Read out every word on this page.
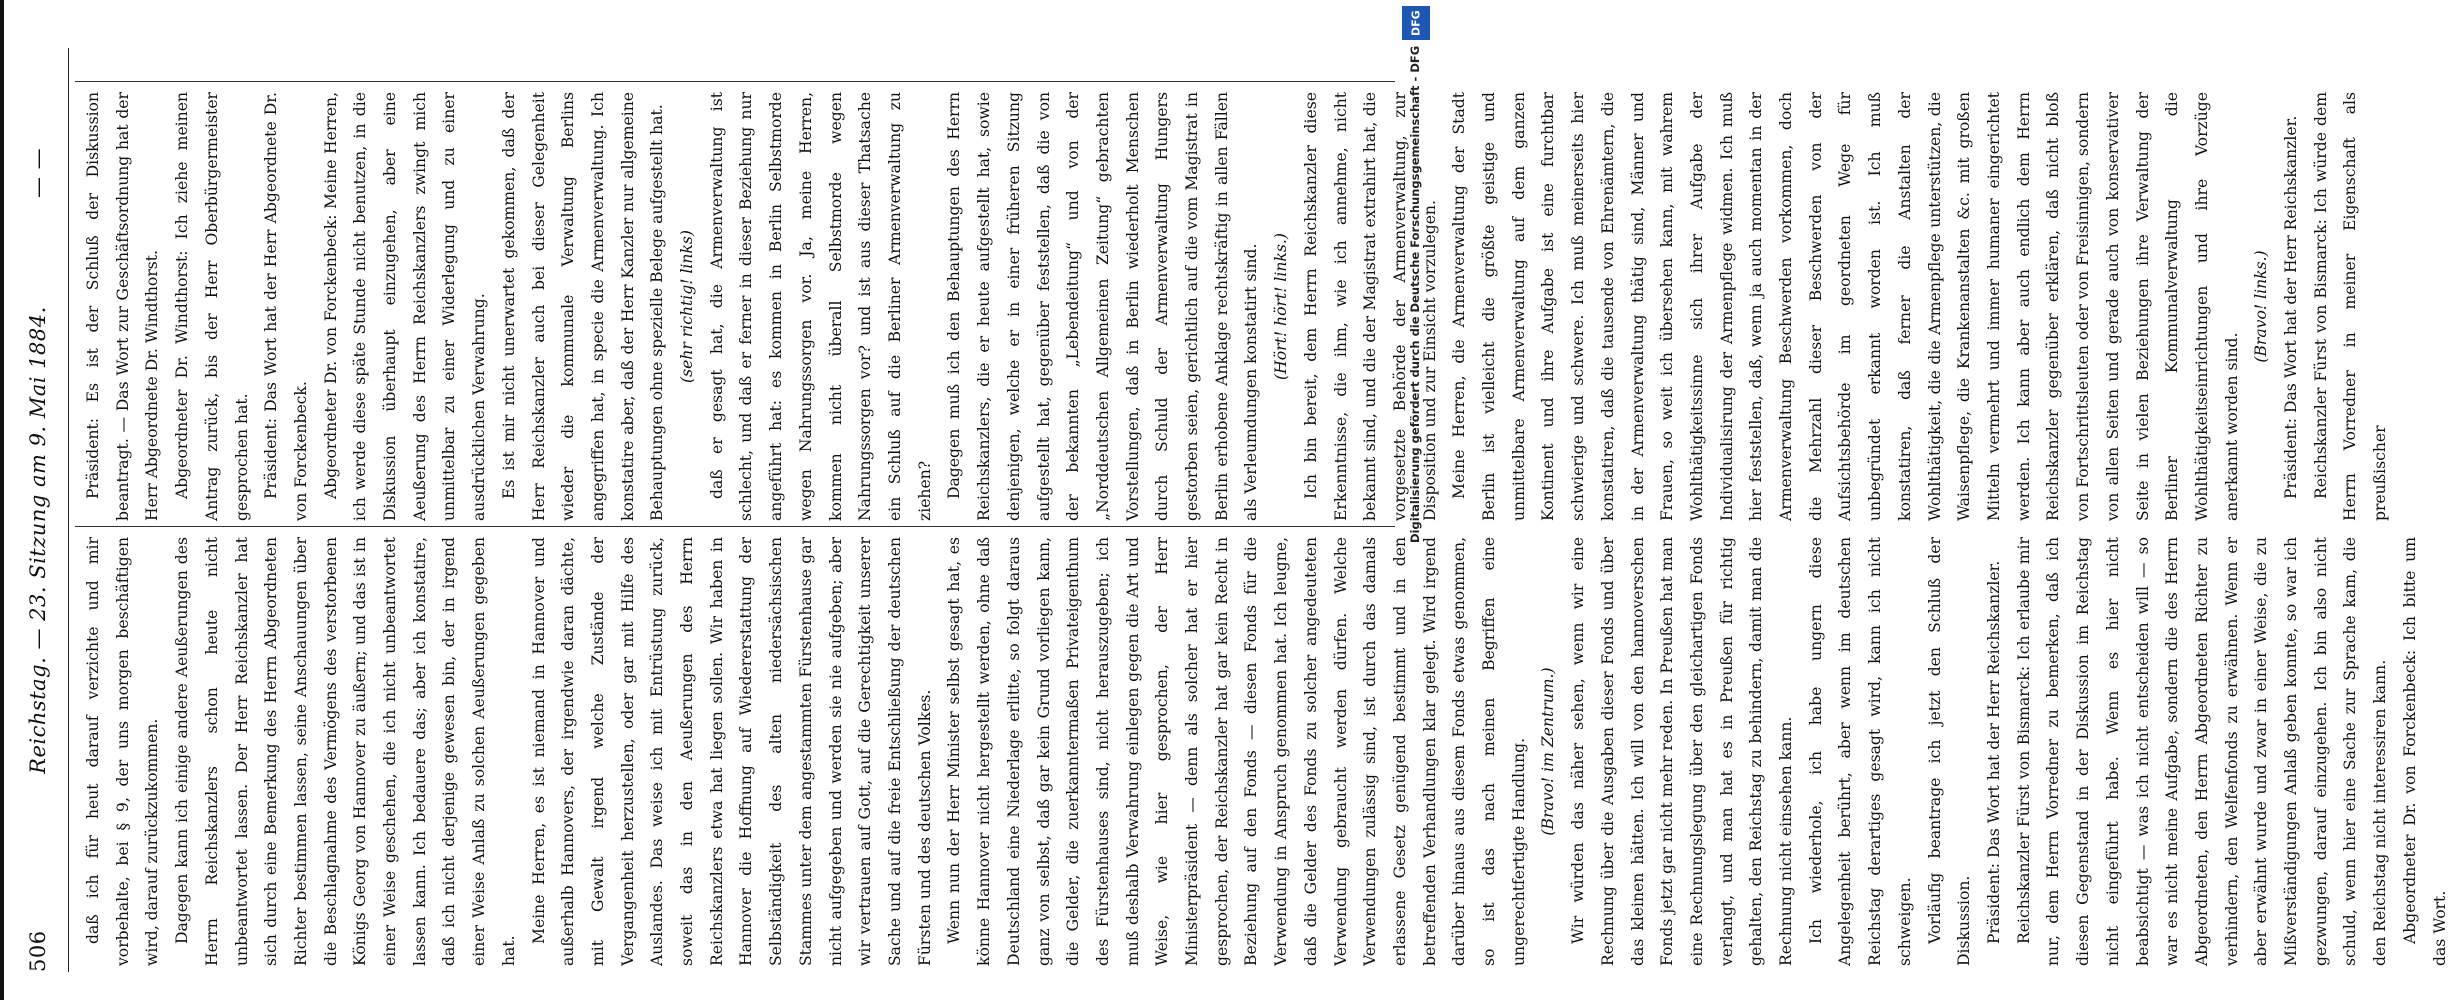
506
Reichstag. — 23. Sitzung am 9. Mai 1884.
— —

daß ich für heut darauf verzichte und mir vorbehalte, bei § 9, der uns morgen beschäftigen wird, darauf zurückzukommen. Dagegen kann ich einige andere Aeußerungen des Herrn Reichskanzlers schon heute nicht unbeantwortet lassen. Der Herr Reichskanzler hat sich durch eine Bemerkung des Herrn Abgeordneten Richter bestimmen lassen, seine Anschauungen über die Beschlagnahme des Vermögens des verstorbenen Königs Georg von Hannover zu äußern; und das ist in einer Weise geschehen, die ich nicht unbeantwortet lassen kann. Ich bedauere das; aber ich konstatire, daß ich nicht derjenige gewesen bin, der in irgend einer Weise Anlaß zu solchen Aeußerungen gegeben hat.

Meine Herren, es ist niemand in Hannover und außerhalb Hannovers, der irgendwie daran dächte, mit Gewalt irgend welche Zustände der Vergangenheit herzustellen, oder gar mit Hilfe des Auslandes. Das weise ich mit Entrüstung zurück, soweit das in den Aeußerungen des Herrn Reichskanzlers etwa hat liegen sollen. Wir haben in Hannover die Hoffnung auf Wiedererstattung der Selbständigkeit des alten niedersächsischen Stammes unter dem angestammten Fürstenhause gar nicht aufgegeben und werden sie nie aufgeben; aber wir vertrauen auf Gott, auf die Gerechtigkeit unserer Sache und auf die freie Entschließung der deutschen Fürsten und des deutschen Volkes. Wenn nun der Herr Minister selbst gesagt hat, es könne Hannover nicht hergestellt werden, ohne daß Deutschland eine Niederlage erlitte, so folgt daraus ganz von selbst, daß gar kein Grund vorliegen kann, die Gelder, die zuerkanntermaßen Privateigenthum des Fürstenhauses sind, nicht herauszugeben; ich muß deshalb Verwahrung einlegen gegen die Art und Weise, wie hier gesprochen, der Herr Ministerpräsident — denn als solcher hat er hier gesprochen, der Reichskanzler hat gar kein Recht in Beziehung auf den Fonds — diesen Fonds für die Verwendung in Anspruch genommen hat. Ich leugne, daß die Gelder des Fonds zu solcher angedeuteten Verwendung gebraucht werden dürfen. Welche Verwendungen zulässig sind, ist durch das damals erlassene Gesetz genügend bestimmt und in den betreffenden Verhandlungen klar gelegt. Wird irgend darüber hinaus aus diesem Fonds etwas genommen, so ist das nach meinen Begriffen eine ungerechtfertigte Handlung. (Bravo! im Zentrum.) Wir würden das näher sehen, wenn wir eine Rechnung über die Ausgaben dieser Fonds und über das kleinen hätten. Ich will von den hannoverschen Fonds jetzt gar nicht mehr reden. In Preußen hat man eine Rechnungslegung über den gleichartigen Fonds verlangt, und man hat es in Preußen für richtig gehalten, den Reichstag zu behindern, damit man die Rechnung nicht einsehen kann. Ich wiederhole, ich habe ungern diese Angelegenheit berührt, aber wenn im deutschen Reichstag derartiges gesagt wird, kann ich nicht schweigen. Vorläufig beantrage ich jetzt den Schluß der Diskussion. Präsident: Das Wort hat der Herr Reichskanzler. Reichskanzler Fürst von Bismarck: Ich erlaube mir nur, dem Herrn Vorredner zu bemerken, daß ich diesen Gegenstand in der Diskussion im Reichstag nicht eingeführt habe. Wenn es hier nicht beabsichtigt — was ich nicht entscheiden will — so war es nicht meine Aufgabe, sondern die des Herrn Abgeordneten, den Herrn Abgeordneten Richter zu verhindern, den Welfenfonds zu erwähnen. Wenn er aber erwähnt wurde und zwar in einer Weise, die zu Mißverständigungen Anlaß geben konnte, so war ich gezwungen, darauf einzugehen. Ich bin also nicht schuld, wenn hier eine Sache zur Sprache kam, die den Reichstag nicht interessiren kann. Abgeordneter Dr. von Forckenbeck: Ich bitte um das Wort.

Präsident: Es ist der Schluß der Diskussion beantragt. — Das Wort zur Geschäftsordnung hat der Herr Abgeordnete Dr. Windthorst. Abgeordneter Dr. Windthorst: Ich ziehe meinen Antrag zurück, bis der Herr Oberbürgermeister gesprochen hat. Präsident: Das Wort hat der Herr Abgeordnete Dr. von Forckenbeck. Abgeordneter Dr. von Forckenbeck: Meine Herren, ich werde diese späte Stunde nicht benutzen, in die Diskussion überhaupt einzugehen, aber eine Aeußerung des Herrn Reichskanzlers zwingt mich unmittelbar zu einer Widerlegung und zu einer ausdrücklichen Verwahrung. Es ist mir nicht unerwartet gekommen, daß der Herr Reichskanzler auch bei dieser Gelegenheit wieder die kommunale Verwaltung Berlins angegriffen hat, in specie die Armenverwaltung. Ich konstatire aber, daß der Herr Kanzler nur allgemeine Behauptungen ohne spezielle Belege aufgestellt hat. (sehr richtig! links) daß er gesagt hat, die Armenverwaltung ist schlecht, und daß er ferner in dieser Beziehung nur angeführt hat: es kommen in Berlin Selbstmorde wegen Nahrungssorgen vor. Ja, meine Herren, kommen nicht überall Selbstmorde wegen Nahrungssorgen vor? und ist aus dieser Thatsache ein Schluß auf die Berliner Armenverwaltung zu ziehen? Dagegen muß ich den Behauptungen des Herrn Reichskanzlers, die er heute aufgestellt hat, sowie denjenigen, welche er in einer früheren Sitzung aufgestellt hat, gegenüber feststellen, daß die von der bekannten „Lebendeitung“ und von der „Norddeutschen Allgemeinen Zeitung“ gebrachten Vorstellungen, daß in Berlin wiederholt Menschen durch Schuld der Armenverwaltung Hungers gestorben seien, gerichtlich auf die vom Magistrat in Berlin erhobene Anklage rechtskräftig in allen Fällen als Verleumdungen konstatirt sind. (Hört! hört! links.) Ich bin bereit, dem Herrn Reichskanzler diese Erkenntnisse, die ihm, wie ich annehme, nicht bekannt sind, und die der Magistrat extrahirt hat, die vorgesetzte Behörde der Armenverwaltung, zur Disposition und zur Einsicht vorzulegen. Meine Herren, die Armenverwaltung der Stadt Berlin ist vielleicht die größte geistige und unmittelbare Armenverwaltung auf dem ganzen Kontinent und ihre Aufgabe ist eine furchtbar schwierige und schwere. Ich muß meinerseits hier konstatiren, daß die tausende von Ehrenämtern, die in der Armenverwaltung thätig sind, Männer und Frauen, so weit ich übersehen kann, mit wahrem Wohlthätigkeitssinne sich ihrer Aufgabe der Individualisirung der Armenpflege widmen. Ich muß hier feststellen, daß, wenn ja auch momentan in der Armenverwaltung Beschwerden vorkommen, doch die Mehrzahl dieser Beschwerden von der Aufsichtsbehörde im geordneten Wege für unbegründet erkannt worden ist. Ich muß konstatiren, daß ferner die Anstalten der Wohlthätigkeit, die die Armenpflege unterstützen, die Waisenpflege, die Krankenanstalten &c. mit großen Mitteln vermehrt und immer humaner eingerichtet werden. Ich kann aber auch endlich dem Herrn Reichskanzler gegenüber erklären, daß nicht bloß von Fortschrittsleuten oder von Freisinnigen, sondern von allen Seiten und gerade auch von konservativer Seite in vielen Beziehungen ihre Verwaltung der Berliner Kommunalverwaltung die Wohlthätigkeitseinrichtungen und ihre Vorzüge anerkannt worden sind.

(Bravo! links.) Präsident: Das Wort hat der Herr Reichskanzler. Reichskanzler Fürst von Bismarck: Ich würde dem Herrn Vorredner in meiner Eigenschaft als preußischer

DFG
Digitalisierung gefördert durch die Deutsche Forschungsgemeinschaft - DFG
